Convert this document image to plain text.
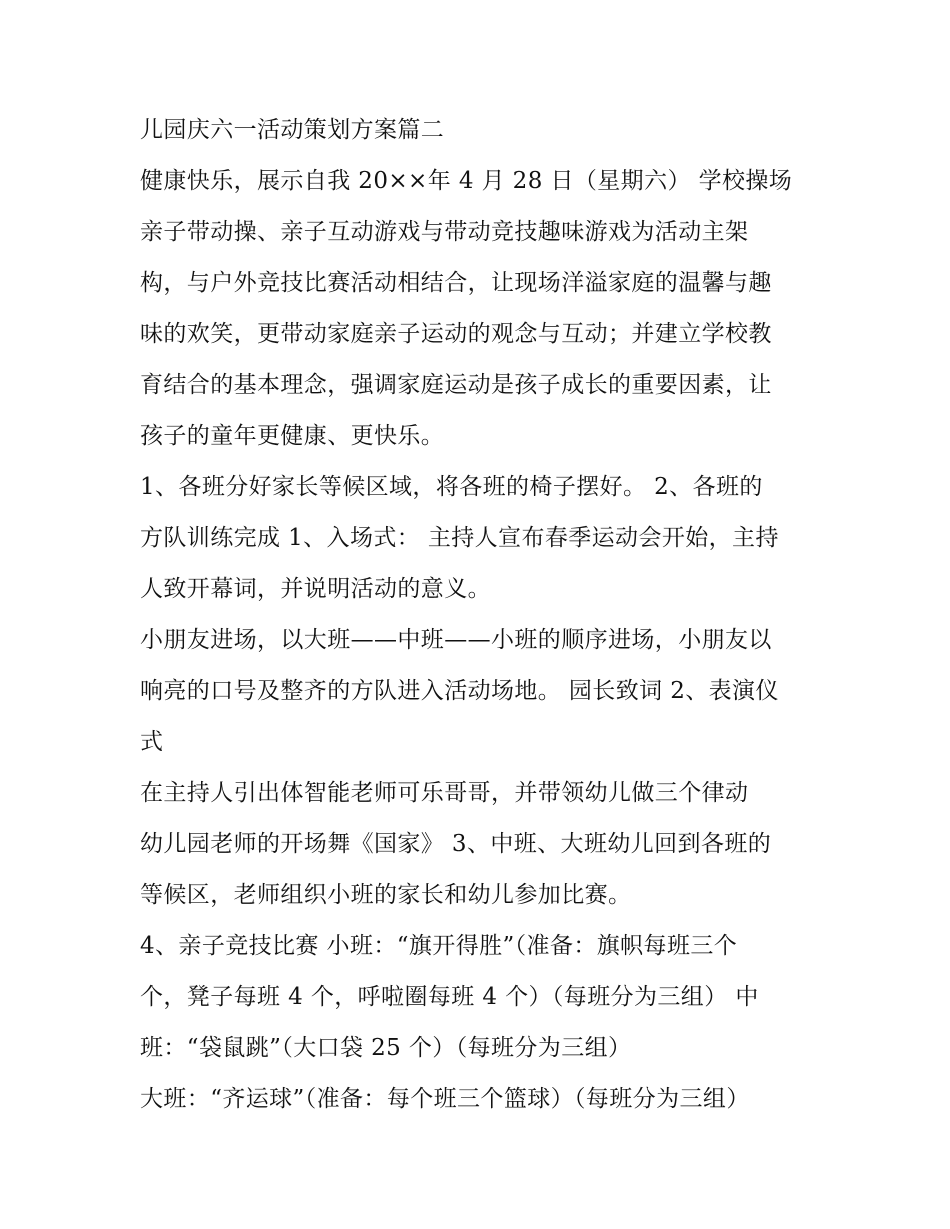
儿园庆六一活动策划方案篇二
健康快乐，展示自我 20××年 4 月 28 日（星期六） 学校操场
亲子带动操、亲子互动游戏与带动竞技趣味游戏为活动主架
构，与户外竞技比赛活动相结合，让现场洋溢家庭的温馨与趣
味的欢笑，更带动家庭亲子运动的观念与互动；并建立学校教
育结合的基本理念，强调家庭运动是孩子成长的重要因素，让
孩子的童年更健康、更快乐。
1、各班分好家长等候区域，将各班的椅子摆好。 2、各班的
方队训练完成 1、入场式： 主持人宣布春季运动会开始，主持
人致开幕词，并说明活动的意义。
小朋友进场，以大班——中班——小班的顺序进场，小朋友以
响亮的口号及整齐的方队进入活动场地。 园长致词 2、表演仪
式
在主持人引出体智能老师可乐哥哥，并带领幼儿做三个律动
幼儿园老师的开场舞《国家》 3、中班、大班幼儿回到各班的
等候区，老师组织小班的家长和幼儿参加比赛。
4、亲子竞技比赛 小班：“旗开得胜”（准备：旗帜每班三个
个，凳子每班 4 个，呼啦圈每班 4 个）（每班分为三组） 中
班：“袋鼠跳”（大口袋 25 个）（每班分为三组）
大班：“齐运球”（准备：每个班三个篮球）（每班分为三组）
